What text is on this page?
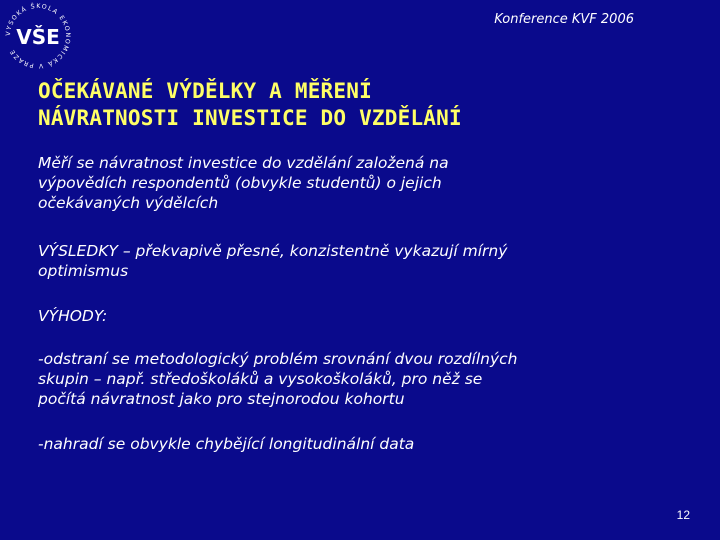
VYSOKÁ ŠKOLA EKONOMICKÁ V PRAZE
VŠE
Konference KVF 2006
OČEKÁVANÉ VÝDĚLKY A MĚŘENÍ
NÁVRATNOSTI INVESTICE DO VZDĚLÁNÍ
Měří se návratnost investice do vzdělání založená na
výpovědích respondentů (obvykle studentů) o jejich
očekávaných výdělcích
VÝSLEDKY – překvapivě přesné, konzistentně vykazují mírný
optimismus
VÝHODY:
-odstraní se metodologický problém srovnání dvou rozdílných
skupin – např. středoškoláků a vysokoškoláků, pro něž se
počítá návratnost jako pro stejnorodou kohortu
-nahradí se obvykle chybějící longitudinální data
12
